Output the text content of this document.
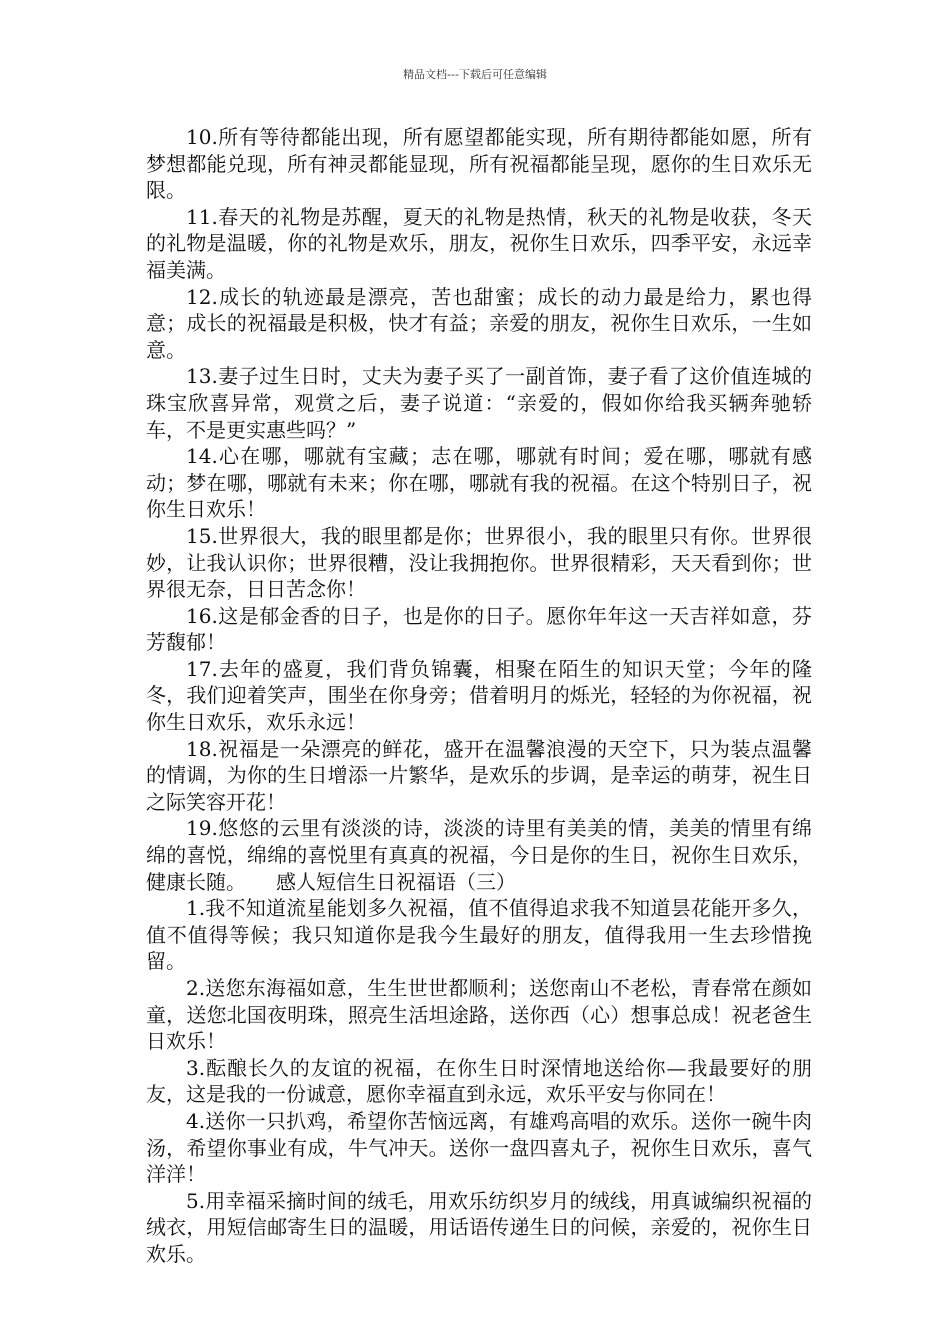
精品文档---下载后可任意编辑

10.所有等待都能出现，所有愿望都能实现，所有期待都能如愿，所有梦想都能兑现，所有神灵都能显现，所有祝福都能呈现，愿你的生日欢乐无限。

11.春天的礼物是苏醒，夏天的礼物是热情，秋天的礼物是收获，冬天的礼物是温暖，你的礼物是欢乐，朋友，祝你生日欢乐，四季平安，永远幸福美满。

12.成长的轨迹最是漂亮，苦也甜蜜；成长的动力最是给力，累也得意；成长的祝福最是积极，快才有益；亲爱的朋友，祝你生日欢乐，一生如意。

13.妻子过生日时，丈夫为妻子买了一副首饰，妻子看了这价值连城的珠宝欣喜异常，观赏之后，妻子说道：“亲爱的，假如你给我买辆奔驰轿车，不是更实惠些吗？”

14.心在哪，哪就有宝藏；志在哪，哪就有时间；爱在哪，哪就有感动；梦在哪，哪就有未来；你在哪，哪就有我的祝福。在这个特别日子，祝你生日欢乐！

15.世界很大，我的眼里都是你；世界很小，我的眼里只有你。世界很妙，让我认识你；世界很糟，没让我拥抱你。世界很精彩，天天看到你；世界很无奈，日日苦念你！

16.这是郁金香的日子，也是你的日子。愿你年年这一天吉祥如意，芬芳馥郁！

17.去年的盛夏，我们背负锦囊，相聚在陌生的知识天堂；今年的隆冬，我们迎着笑声，围坐在你身旁；借着明月的烁光，轻轻的为你祝福，祝你生日欢乐，欢乐永远！

18.祝福是一朵漂亮的鲜花，盛开在温馨浪漫的天空下，只为装点温馨的情调，为你的生日增添一片繁华，是欢乐的步调，是幸运的萌芽，祝生日之际笑容开花！

19.悠悠的云里有淡淡的诗，淡淡的诗里有美美的情，美美的情里有绵绵的喜悦，绵绵的喜悦里有真真的祝福，今日是你的生日，祝你生日欢乐，健康长随。　　感人短信生日祝福语（三）

1.我不知道流星能划多久祝福，值不值得追求我不知道昙花能开多久，值不值得等候；我只知道你是我今生最好的朋友，值得我用一生去珍惜挽留。

2.送您东海福如意，生生世世都顺利；送您南山不老松，青春常在颜如童，送您北国夜明珠，照亮生活坦途路，送你西（心）想事总成！祝老爸生日欢乐！

3.酝酿长久的友谊的祝福，在你生日时深情地送给你—我最要好的朋友，这是我的一份诚意，愿你幸福直到永远，欢乐平安与你同在！

4.送你一只扒鸡，希望你苦恼远离，有雄鸡高唱的欢乐。送你一碗牛肉汤，希望你事业有成，牛气冲天。送你一盘四喜丸子，祝你生日欢乐，喜气洋洋！

5.用幸福采摘时间的绒毛，用欢乐纺织岁月的绒线，用真诚编织祝福的绒衣，用短信邮寄生日的温暖，用话语传递生日的问候，亲爱的，祝你生日欢乐。
